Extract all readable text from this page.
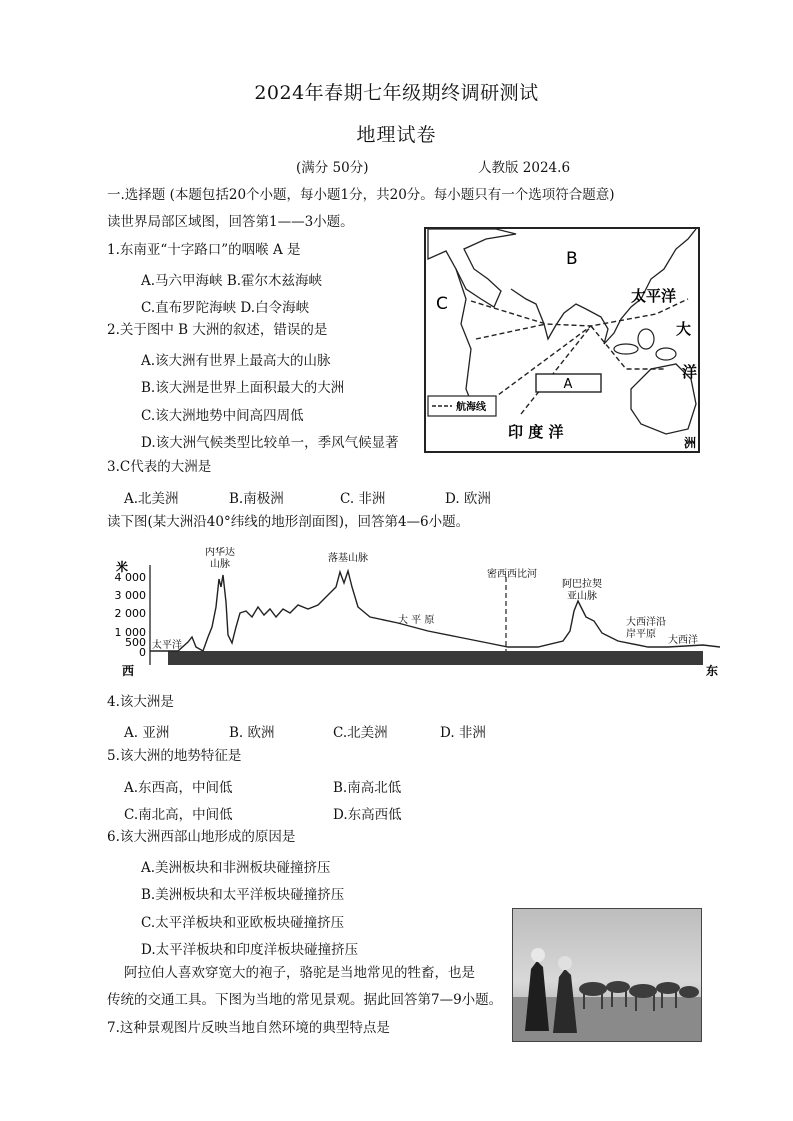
2024年春期七年级期终调研测试
地理试卷
(满分 50分)	人教版 2024.6
一.选择题 (本题包括20个小题，每小题1分，共20分。每小题只有一个选项符合题意)
读世界局部区域图，回答第1——3小题。
1.东南亚“十字路口”的咽喉 A 是
A.马六甲海峡 B.霍尔木兹海峡
C.直布罗陀海峡 D.白令海峡
2.关于图中 B 大洲的叙述，错误的是
A.该大洲有世界上最高大的山脉
B.该大洲是世界上面积最大的大洲
C.该大洲地势中间高四周低
D.该大洲气候类型比较单一，季风气候显著
3.C代表的大洲是
A.北美洲	B.南极洲	C. 非洲	D. 欧洲
读下图(某大洲沿40°纬线的地形剖面图)，回答第4—6小题。
A
B
C	太平洋
大
洋
印 度 洋
航海线
洲
米
4 000
3 000
2 000
1 000
500
0
太平洋
内华达
山脉
落基山脉
密西西比河
阿巴拉契
亚山脉
大 平 原	大西洋沿
岸平原
大西洋
西	东
4.该大洲是
A. 亚洲	B. 欧洲	C.北美洲	D. 非洲
5.该大洲的地势特征是
A.东西高，中间低	B.南高北低
C.南北高，中间低	D.东高西低
6.该大洲西部山地形成的原因是
A.美洲板块和非洲板块碰撞挤压
B.美洲板块和太平洋板块碰撞挤压
C.太平洋板块和亚欧板块碰撞挤压
D.太平洋板块和印度洋板块碰撞挤压
阿拉伯人喜欢穿宽大的袍子，骆驼是当地常见的牲畜，也是
传统的交通工具。下图为当地的常见景观。据此回答第7—9小题。
7.这种景观图片反映当地自然环境的典型特点是
